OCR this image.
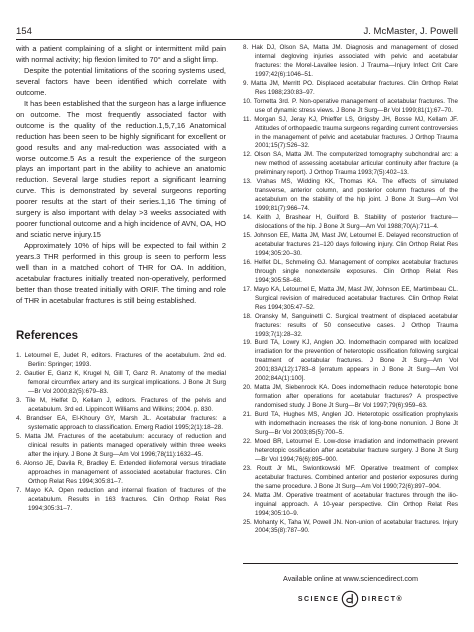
154	J. McMaster, J. Powell

with a patient complaining of a slight or intermittent mild pain with normal activity; hip flexion limited to 70° and a slight limp.

Despite the potential limitations of the scoring systems used, several factors have been identified which correlate with outcome.

It has been established that the surgeon has a large influence on outcome. The most frequently associated factor with outcome is the quality of the reduction.1,5,7,16 Anatomical reduction has been seen to be highly significant for excellent or good results and any mal-reduction was associated with a worse outcome.5 As a result the experience of the surgeon plays an important part in the ability to achieve an anatomic reduction. Several large studies report a significant learning curve. This is demonstrated by several surgeons reporting poorer results at the start of their series.1,16 The timing of surgery is also important with delay >3 weeks associated with poorer functional outcome and a high incidence of AVN, OA, HO and sciatic nerve injury.15

Approximately 10% of hips will be expected to fail within 2 years.3 THR performed in this group is seen to perform less well than in a matched cohort of THR for OA. In addition, acetabular fractures initially treated non-operatively, performed better than those treated initially with ORIF. The timing and role of THR in acetabular fractures is still being established.

References
1. Letournel E, Judet R, editors. Fractures of the acetabulum. 2nd ed. Berlin: Springer; 1993.
2. Gautier E, Ganz K, Krugel N, Gill T, Ganz R. Anatomy of the medial femoral circumflex artery and its surgical implications. J Bone Jt Surg—Br Vol 2000;82(5):679–83.
3. Tile M, Helfet D, Kellam J, editors. Fractures of the pelvis and acetabulum. 3rd ed. Lippincott Williams and Wilkins; 2004. p. 830.
4. Brandser EA, El-Khoury GY, Marsh JL. Acetabular fractures: a systematic approach to classification. Emerg Radiol 1995;2(1):18–28.
5. Matta JM. Fractures of the acetabulum: accuracy of reduction and clinical results in patients managed operatively within three weeks after the injury. J Bone Jt Surg—Am Vol 1996;78(11):1632–45.
6. Alonso JE, Davila R, Bradley E. Extended iliofemoral versus triradiate approaches in management of associated acetabular fractures. Clin Orthop Relat Res 1994;305:81–7.
7. Mayo KA. Open reduction and internal fixation of fractures of the acetabulum. Results in 163 fractures. Clin Orthop Relat Res 1994;305:31–7.
8. Hak DJ, Olson SA, Matta JM. Diagnosis and management of closed internal degloving injuries associated with pelvic and acetabular fractures: the Morel-Lavallee lesion. J Trauma—Injury Infect Crit Care 1997;42(6):1046–51.
9. Matta JM, Merritt PO. Displaced acetabular fractures. Clin Orthop Relat Res 1988;230:83–97.
10. Tornetta 3rd. P. Non-operative management of acetabular fractures. The use of dynamic stress views. J Bone Jt Surg—Br Vol 1999;81(1):67–70.
11. Morgan SJ, Jeray KJ, Phieffer LS, Grigsby JH, Bosse MJ, Kellam JF. Attitudes of orthopaedic trauma surgeons regarding current controversies in the management of pelvic and acetabular fractures. J Orthop Trauma 2001;15(7):526–32.
12. Olson SA, Matta JM. The computerized tomography subchondral arc: a new method of assessing acetabular articular continuity after fracture (a preliminary report). J Orthop Trauma 1993;7(5):402–13.
13. Vrahas MS, Widding KK, Thomas KA. The effects of simulated transverse, anterior column, and posterior column fractures of the acetabulum on the stability of the hip joint. J Bone Jt Surg—Am Vol 1999;81(7):966–74.
14. Keith J, Brashear H, Guilford B. Stability of posterior fracture—dislocations of the hip. J Bone Jt Surg—Am Vol 1988;70(A):711–4.
15. Johnson EE, Matta JM, Mast JW, Letournel E. Delayed reconstruction of acetabular fractures 21–120 days following injury. Clin Orthop Relat Res 1994;305:20–30.
16. Helfet DL, Schmeling GJ. Management of complex acetabular fractures through single nonextensile exposures. Clin Orthop Relat Res 1994;305:58–68.
17. Mayo KA, Letournel E, Matta JM, Mast JW, Johnson EE, Martimbeau CL. Surgical revision of malreduced acetabular fractures. Clin Orthop Relat Res 1994;305:47–52.
18. Oransky M, Sanguinetti C. Surgical treatment of displaced acetabular fractures: results of 50 consecutive cases. J Orthop Trauma 1993;7(1):28–32.
19. Burd TA, Lowry KJ, Anglen JO. Indomethacin compared with localized irradiation for the prevention of heterotopic ossification following surgical treatment of acetabular fractures. J Bone Jt Surg—Am Vol 2001;83A(12):1783–8 [erratum appears in J Bone Jt Surg—Am Vol 2002;84A(1):100].
20. Matta JM, Siebenrock KA. Does indomethacin reduce heterotopic bone formation after operations for acetabular fractures? A prospective randomised study. J Bone Jt Surg—Br Vol 1997;79(6):959–63.
21. Burd TA, Hughes MS, Anglen JO. Heterotopic ossification prophylaxis with indomethacin increases the risk of long-bone nonunion. J Bone Jt Surg—Br Vol 2003;85(5):700–5.
22. Moed BR, Letournel E. Low-dose irradiation and indomethacin prevent heterotopic ossification after acetabular fracture surgery. J Bone Jt Surg—Br Vol 1994;76(6):895–900.
23. Routt Jr ML, Swiontkowski MF. Operative treatment of complex acetabular fractures. Combined anterior and posterior exposures during the same procedure. J Bone Jt Surg—Am Vol 1990;72(6):897–904.
24. Matta JM. Operative treatment of acetabular fractures through the ilio-inguinal approach. A 10-year perspective. Clin Orthop Relat Res 1994;305:10–9.
25. Mohanty K, Taha W, Powell JN. Non-union of acetabular fractures. Injury 2004;35(8):787–90.
Available online at www.sciencedirect.com
SCIENCE	DIRECT®
